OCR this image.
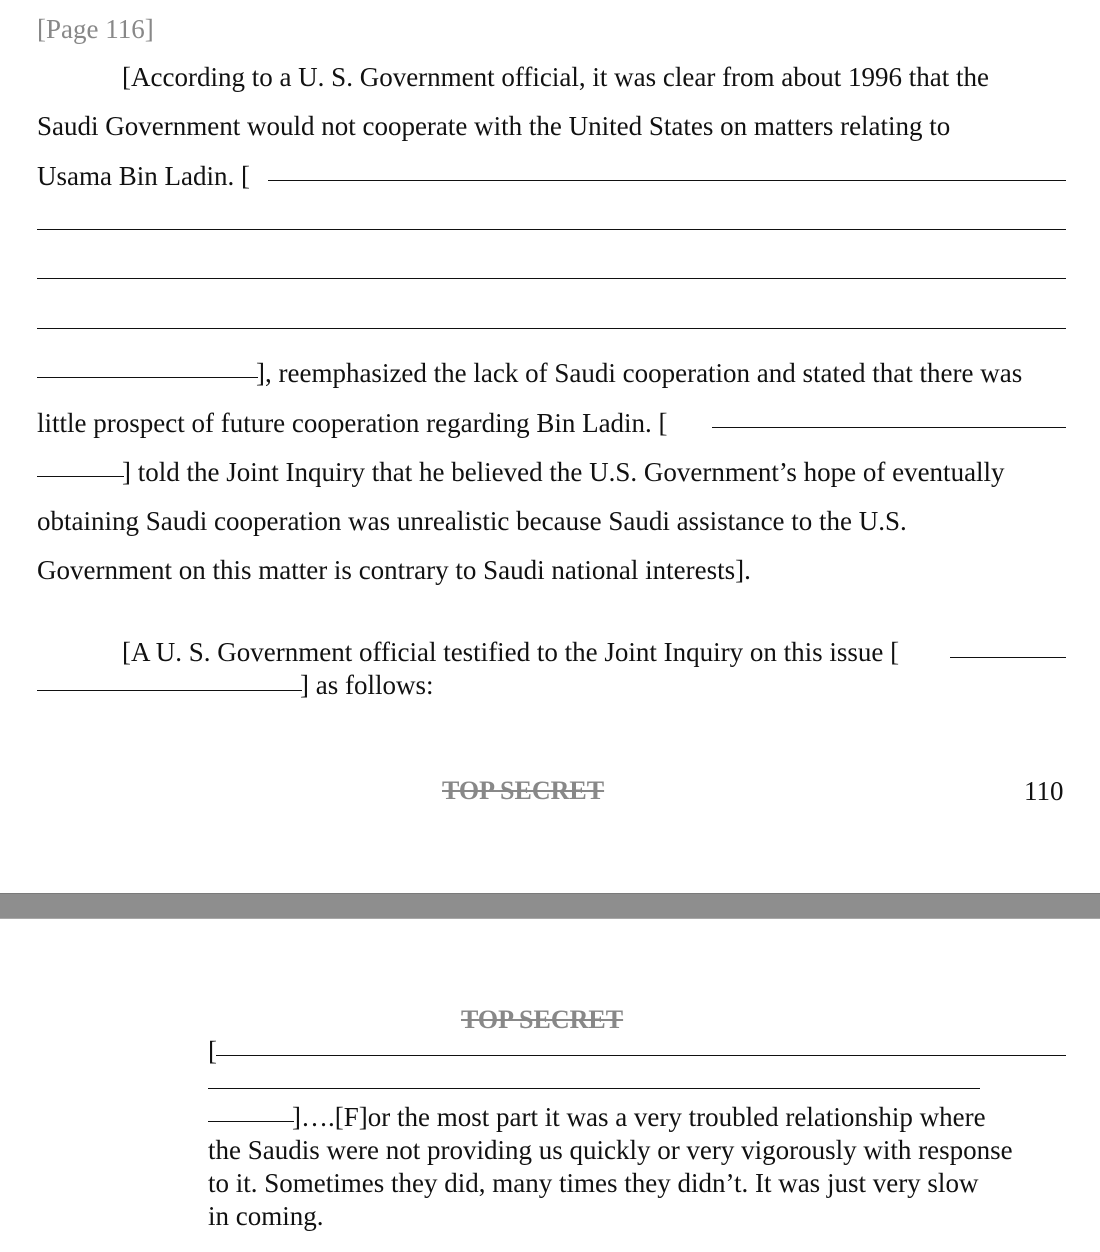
[Page 116]
[According to a U. S. Government official, it was clear from about 1996 that the
Saudi Government would not cooperate with the United States on matters relating to
Usama Bin Ladin. [
], reemphasized the lack of Saudi cooperation and stated that there was
little prospect of future cooperation regarding Bin Ladin. [
] told the Joint Inquiry that he believed the U.S. Government’s hope of eventually
obtaining Saudi cooperation was unrealistic because Saudi assistance to the U.S.
Government on this matter is contrary to Saudi national interests].
[A U. S. Government official testified to the Joint Inquiry on this issue [
] as follows:
TOP SECRET	110
TOP SECRET
[
]….[F]or the most part it was a very troubled relationship where
the Saudis were not providing us quickly or very vigorously with response
to it. Sometimes they did, many times they didn’t. It was just very slow
in coming.
